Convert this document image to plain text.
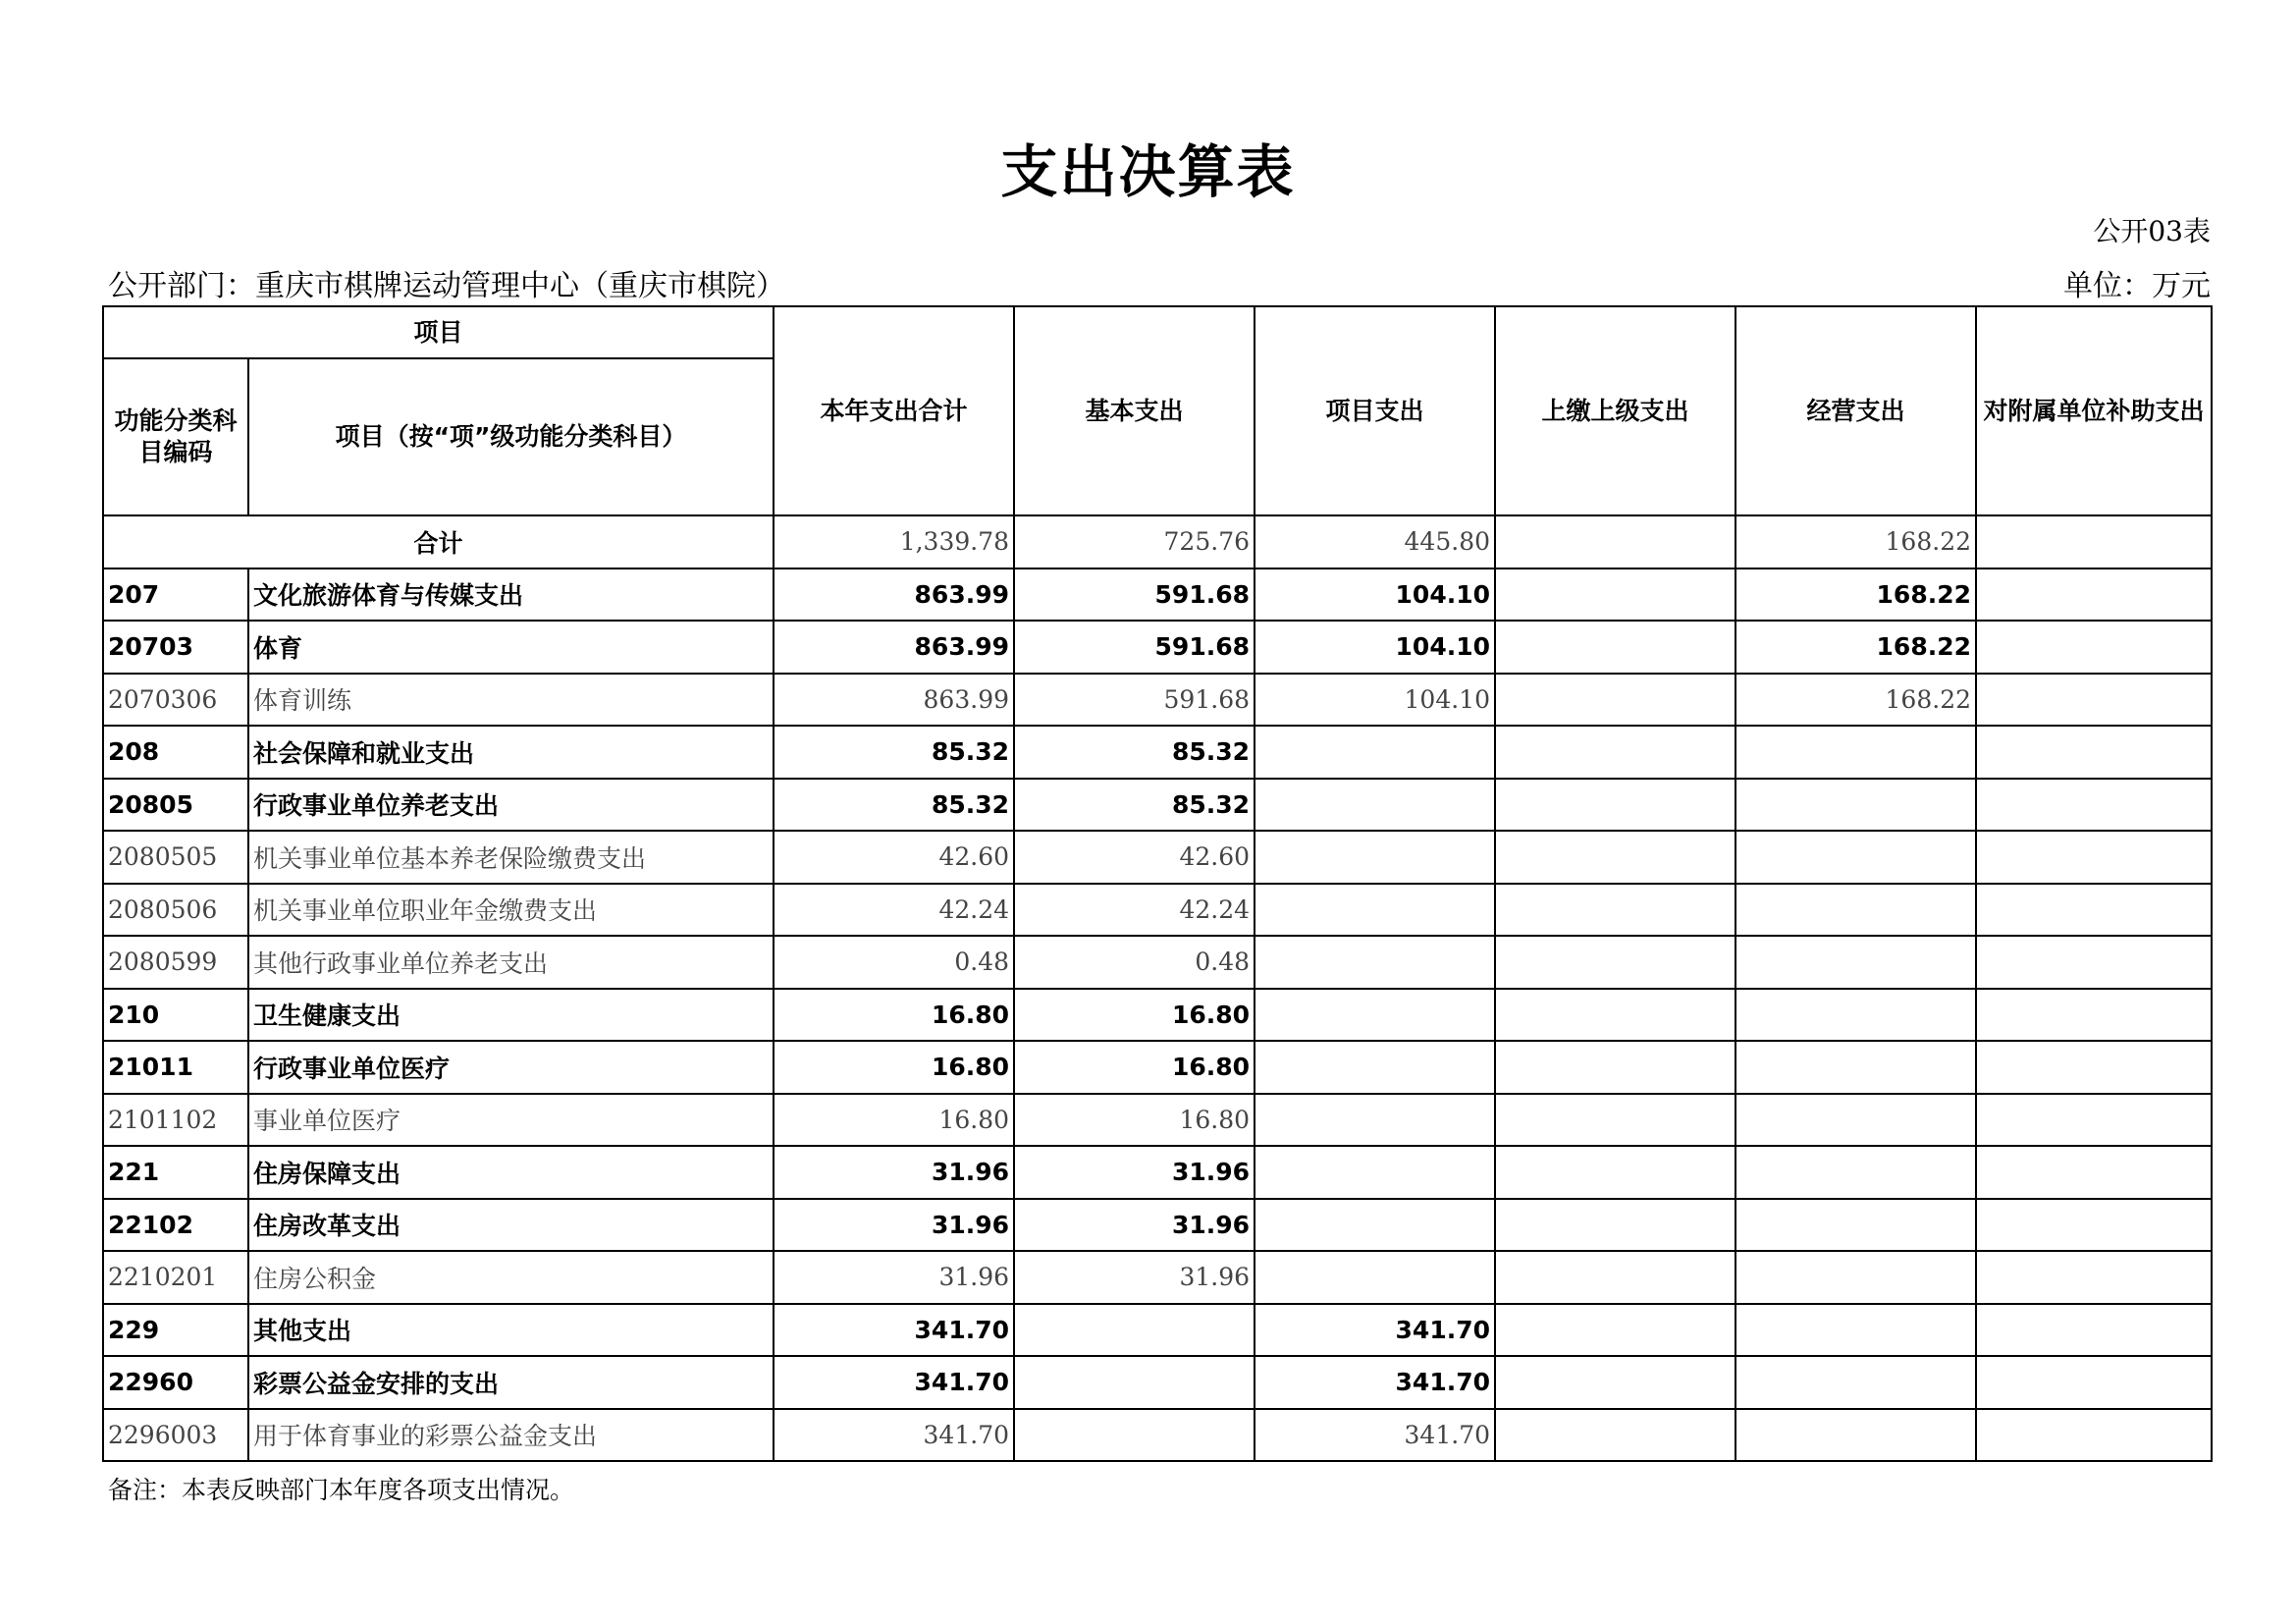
支出决算表
公开03表
公开部门：重庆市棋牌运动管理中心（重庆市棋院）	单位：万元
项目		本年支出合计	基本支出	项目支出	上缴上级支出	经营支出	对附属单位补助支出
功能分类科目编码	项目（按“项”级功能分类科目）						
合计		1,339.78	725.76	445.80		168.22	
207	文化旅游体育与传媒支出	863.99	591.68	104.10		168.22	
20703	体育	863.99	591.68	104.10		168.22	
2070306	体育训练	863.99	591.68	104.10		168.22	
208	社会保障和就业支出	85.32	85.32				
20805	行政事业单位养老支出	85.32	85.32				
2080505	机关事业单位基本养老保险缴费支出	42.60	42.60				
2080506	机关事业单位职业年金缴费支出	42.24	42.24				
2080599	其他行政事业单位养老支出	0.48	0.48				
210	卫生健康支出	16.80	16.80				
21011	行政事业单位医疗	16.80	16.80				
2101102	事业单位医疗	16.80	16.80				
221	住房保障支出	31.96	31.96				
22102	住房改革支出	31.96	31.96				
2210201	住房公积金	31.96	31.96				
229	其他支出	341.70		341.70			
22960	彩票公益金安排的支出	341.70		341.70			
2296003	用于体育事业的彩票公益金支出	341.70		341.70			
备注：本表反映部门本年度各项支出情况。
